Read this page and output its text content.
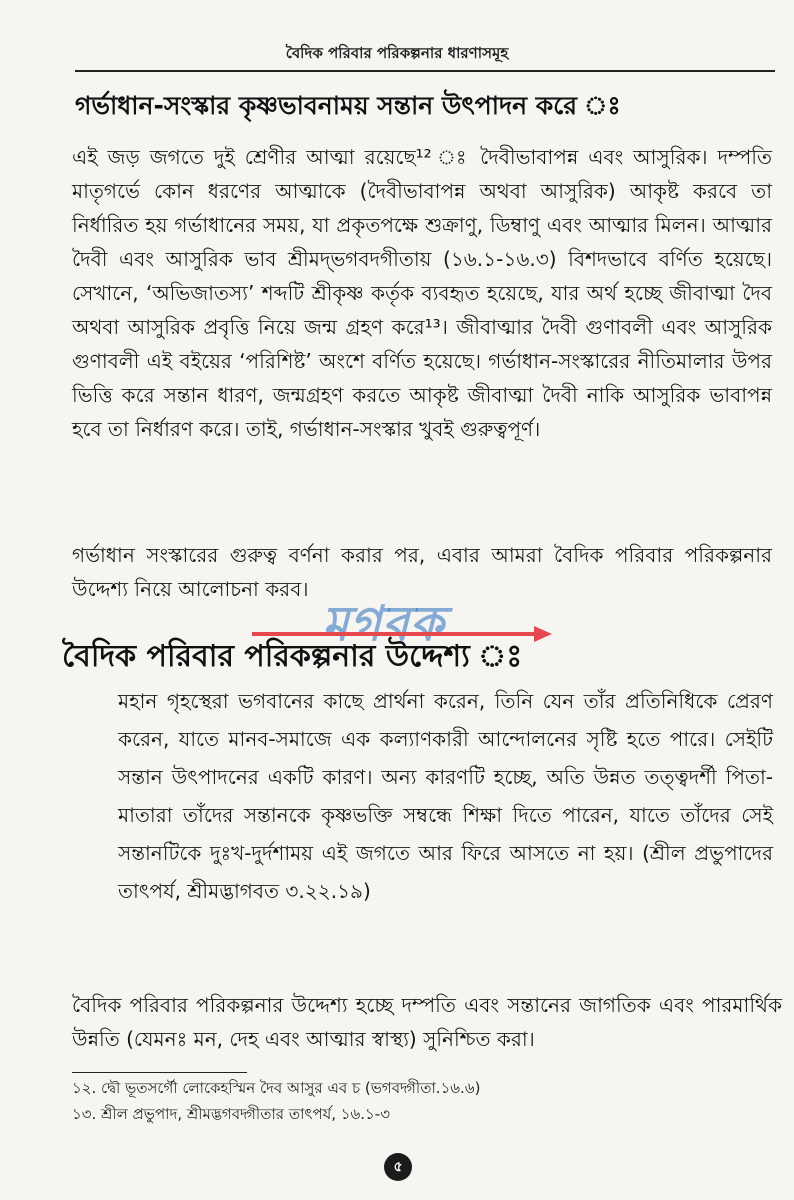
বৈদিক পরিবার পরিকল্পনার ধারণাসমূহ
গর্ভাধান-সংস্কার কৃষ্ণভাবনাময় সন্তান উৎপাদন করে ঃ
এই জড় জগতে দুই শ্রেণীর আত্মা রয়েছে¹² ঃ দৈবীভাবাপন্ন এবং আসুরিক। দম্পতি মাতৃগর্ভে কোন ধরণের আত্মাকে (দৈবীভাবাপন্ন অথবা আসুরিক) আকৃষ্ট করবে তা নির্ধারিত হয় গর্ভাধানের সময়, যা প্রকৃতপক্ষে শুক্রাণু, ডিম্বাণু এবং আত্মার মিলন। আত্মার দৈবী এবং আসুরিক ভাব শ্রীমদ্‌ভগবদগীতায় (১৬.১-১৬.৩) বিশদভাবে বর্ণিত হয়েছে। সেখানে, ‘অভিজাতস্য’ শব্দটি শ্রীকৃষ্ণ কর্তৃক ব্যবহৃত হয়েছে, যার অর্থ হচ্ছে জীবাত্মা দৈব অথবা আসুরিক প্রবৃত্তি নিয়ে জন্ম গ্রহণ করে¹³। জীবাত্মার দৈবী গুণাবলী এবং আসুরিক গুণাবলী এই বইয়ের ‘পরিশিষ্ট’ অংশে বর্ণিত হয়েছে। গর্ভাধান-সংস্কারের নীতিমালার উপর ভিত্তি করে সন্তান ধারণ, জন্মগ্রহণ করতে আকৃষ্ট জীবাত্মা দৈবী নাকি আসুরিক ভাবাপন্ন হবে তা নির্ধারণ করে। তাই, গর্ভাধান-সংস্কার খুবই গুরুত্বপূর্ণ।
গর্ভাধান সংস্কারের গুরুত্ব বর্ণনা করার পর, এবার আমরা বৈদিক পরিবার পরিকল্পনার উদ্দেশ্য নিয়ে আলোচনা করব।
বৈদিক পরিবার পরিকল্পনার উদ্দেশ্য ঃ
মহান গৃহস্থেরা ভগবানের কাছে প্রার্থনা করেন, তিনি যেন তাঁর প্রতিনিধিকে প্রেরণ করেন, যাতে মানব-সমাজে এক কল্যাণকারী আন্দোলনের সৃষ্টি হতে পারে। সেইটি সন্তান উৎপাদনের একটি কারণ। অন্য কারণটি হচ্ছে, অতি উন্নত তত্ত্বদর্শী পিতা-মাতারা তাঁদের সন্তানকে কৃষ্ণভক্তি সম্বন্ধে শিক্ষা দিতে পারেন, যাতে তাঁদের সেই সন্তানটিকে দুঃখ-দুর্দশাময় এই জগতে আর ফিরে আসতে না হয়। (শ্রীল প্রভুপাদের তাৎপর্য, শ্রীমদ্ভাগবত ৩.২২.১৯)
বৈদিক পরিবার পরিকল্পনার উদ্দেশ্য হচ্ছে দম্পতি এবং সন্তানের জাগতিক এবং পারমার্থিক উন্নতি (যেমনঃ মন, দেহ এবং আত্মার স্বাস্থ্য) সুনিশ্চিত করা।
১২. দ্বৌ ভূতসর্গৌ লোকেহস্মিন দৈব আসুর এব চ (ভগবদ্গীতা.১৬.৬)
১৩. শ্রীল প্রভুপাদ, শ্রীমদ্ভগবদ্গীতার তাৎপর্য, ১৬.১-৩
৫
মগবক
